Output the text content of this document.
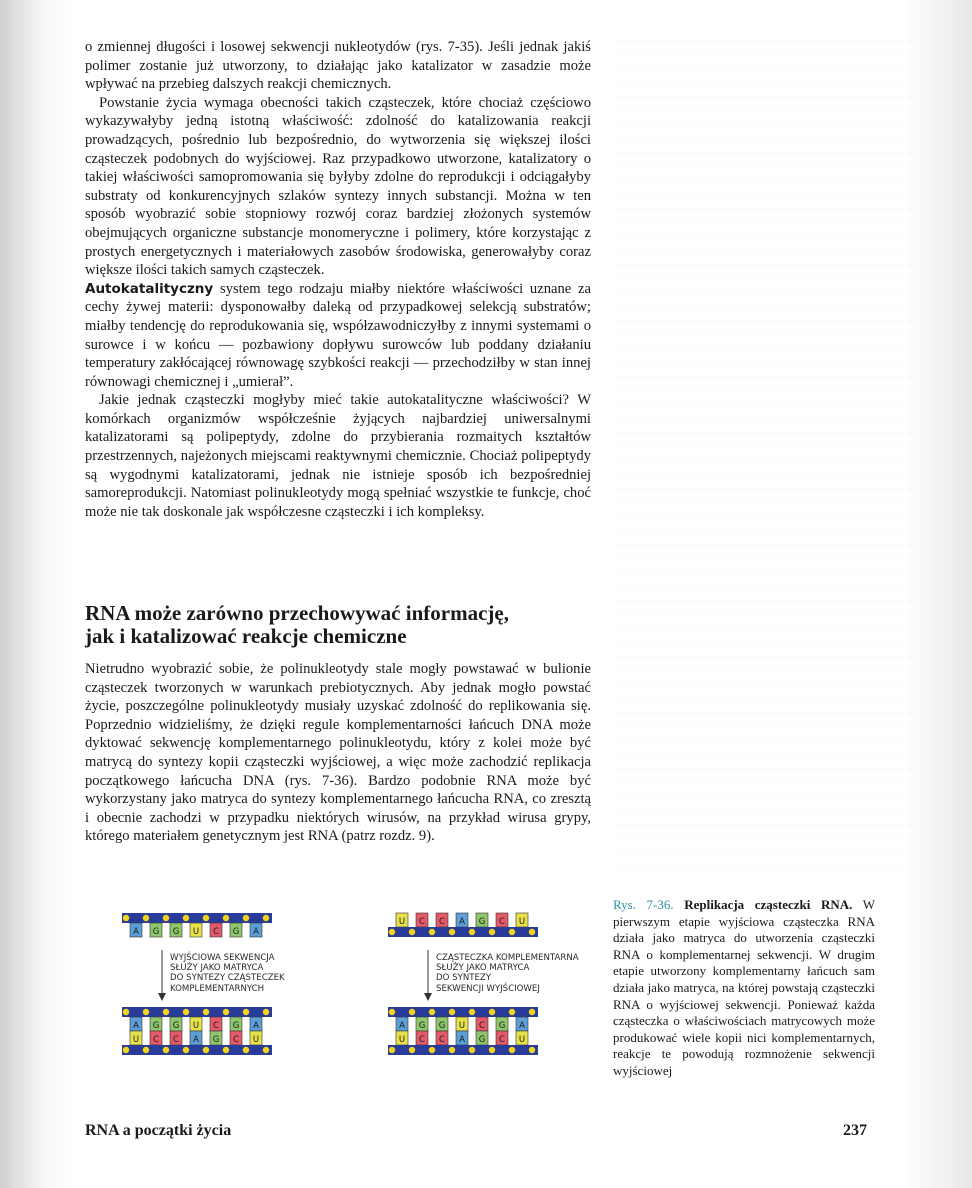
o zmiennej długości i losowej sekwencji nukleotydów (rys. 7-35). Jeśli jednak jakiś polimer zostanie już utworzony, to działając jako katalizator w zasadzie może wpływać na przebieg dalszych reakcji chemicznych.

Powstanie życia wymaga obecności takich cząsteczek, które chociaż częściowo wykazywałyby jedną istotną właściwość: zdolność do katalizowania reakcji prowadzących, pośrednio lub bezpośrednio, do wytworzenia się większej ilości cząsteczek podobnych do wyjściowej. Raz przypadkowo utworzone, katalizatory o takiej właściwości samopromowania się byłyby zdolne do reprodukcji i odciągałyby substraty od konkurencyjnych szlaków syntezy innych substancji. Można w ten sposób wyobrazić sobie stopniowy rozwój coraz bardziej złożonych systemów obejmujących organiczne substancje monomeryczne i polimery, które korzystając z prostych energetycznych i materiałowych zasobów środowiska, generowałyby coraz większe ilości takich samych cząsteczek.

Autokatalityczny system tego rodzaju miałby niektóre właściwości uznane za cechy żywej materii: dysponowałby daleką od przypadkowej selekcją substratów; miałby tendencję do reprodukowania się, współzawodniczyłby z innymi systemami o surowce i w końcu — pozbawiony dopływu surowców lub poddany działaniu temperatury zakłócającej równowagę szybkości reakcji — przechodziłby w stan innej równowagi chemicznej i „umierał”.

Jakie jednak cząsteczki mogłyby mieć takie autokatalityczne właściwości? W komórkach organizmów współcześnie żyjących najbardziej uniwersalnymi katalizatorami są polipeptydy, zdolne do przybierania rozmaitych kształtów przestrzennych, najeżonych miejscami reaktywnymi chemicznie. Chociaż polipeptydy są wygodnymi katalizatorami, jednak nie istnieje sposób ich bezpośredniej samoreprodukcji. Natomiast polinukleotydy mogą spełniać wszystkie te funkcje, choć może nie tak doskonale jak współczesne cząsteczki i ich kompleksy.

RNA może zarówno przechowywać informację,
jak i katalizować reakcje chemiczne

Nietrudno wyobrazić sobie, że polinukleotydy stale mogły powstawać w bulionie cząsteczek tworzonych w warunkach prebiotycznych. Aby jednak mogło powstać życie, poszczególne polinukleotydy musiały uzyskać zdolność do replikowania się. Poprzednio widzieliśmy, że dzięki regule komplementarności łańcuch DNA może dyktować sekwencję komplementarnego polinukleotydu, który z kolei może być matrycą do syntezy kopii cząsteczki wyjściowej, a więc może zachodzić replikacja początkowego łańcucha DNA (rys. 7-36). Bardzo podobnie RNA może być wykorzystany jako matryca do syntezy komplementarnego łańcucha RNA, co zresztą i obecnie zachodzi w przypadku niektórych wirusów, na przykład wirusa grypy, którego materiałem genetycznym jest RNA (patrz rozdz. 9).

A G G U C G A
A G G U C G A
U C C A G C U
WYJŚCIOWA SEKWENCJA
SŁUŻY JAKO MATRYCA
DO SYNTEZY CZĄSTECZEK
KOMPLEMENTARNYCH
U C C A G C U
A G G U C G A
U C C A G C U
CZĄSTECZKA KOMPLEMENTARNA
SŁUŻY JAKO MATRYCA
DO SYNTEZY
SEKWENCJI WYJŚCIOWEJ
Rys. 7-36. Replikacja cząsteczki RNA. W pierwszym etapie wyjściowa cząsteczka RNA działa jako matryca do utworzenia cząsteczki RNA o komplementarnej sekwencji. W drugim etapie utworzony komplementarny łańcuch sam działa jako matryca, na której powstają cząsteczki RNA o wyjściowej sekwencji. Ponieważ każda cząsteczka o właściwościach matrycowych może produkować wiele kopii nici komplementarnych, reakcje te powodują rozmnożenie sekwencji wyjściowej
RNA a początki życia	237
